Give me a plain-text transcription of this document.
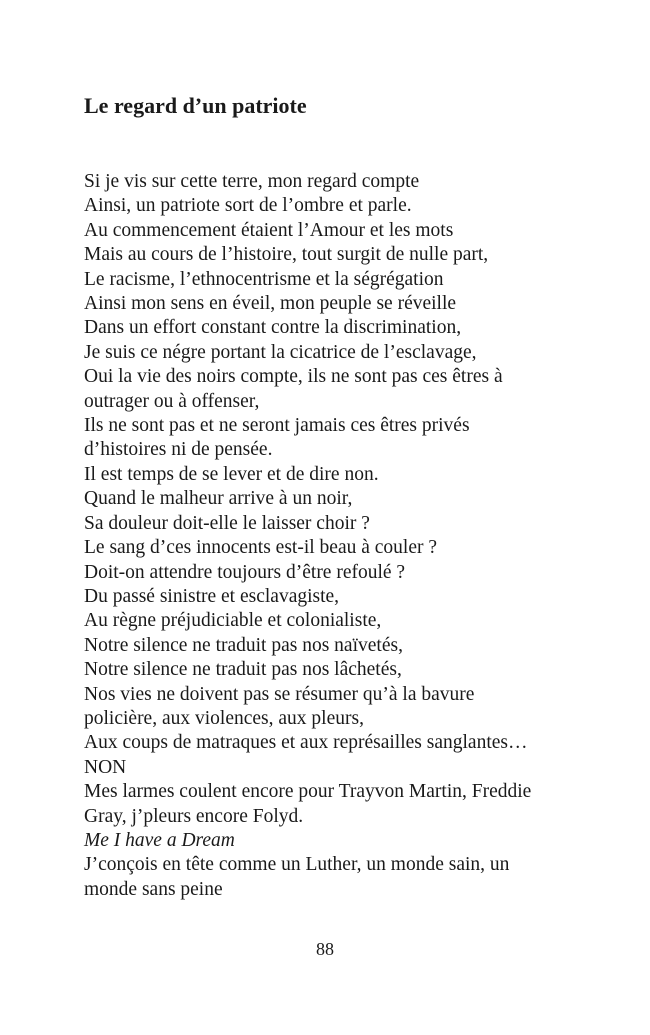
Le regard d’un patriote
Si je vis sur cette terre, mon regard compte
Ainsi, un patriote sort de l’ombre et parle.
Au commencement étaient l’Amour et les mots
Mais au cours de l’histoire, tout surgit de nulle part,
Le racisme, l’ethnocentrisme et la ségrégation
Ainsi mon sens en éveil, mon peuple se réveille
Dans un effort constant contre la discrimination,
Je suis ce négre portant la cicatrice de l’esclavage,
Oui la vie des noirs compte, ils ne sont pas ces êtres à
outrager ou à offenser,
Ils ne sont pas et ne seront jamais ces êtres privés
d’histoires ni de pensée.
Il est temps de se lever et de dire non.
Quand le malheur arrive à un noir,
Sa douleur doit-elle le laisser choir ?
Le sang d’ces innocents est-il beau à couler ?
Doit-on attendre toujours d’être refoulé ?
Du passé sinistre et esclavagiste,
Au règne préjudiciable et colonialiste,
Notre silence ne traduit pas nos naïvetés,
Notre silence ne traduit pas nos lâchetés,
Nos vies ne doivent pas se résumer qu’à la bavure
policière, aux violences, aux pleurs,
Aux coups de matraques et aux représailles sanglantes…
NON
Mes larmes coulent encore pour Trayvon Martin, Freddie
Gray, j’pleurs encore Folyd.
Me I have a Dream
J’conçois en tête comme un Luther, un monde sain, un
monde sans peine
88
